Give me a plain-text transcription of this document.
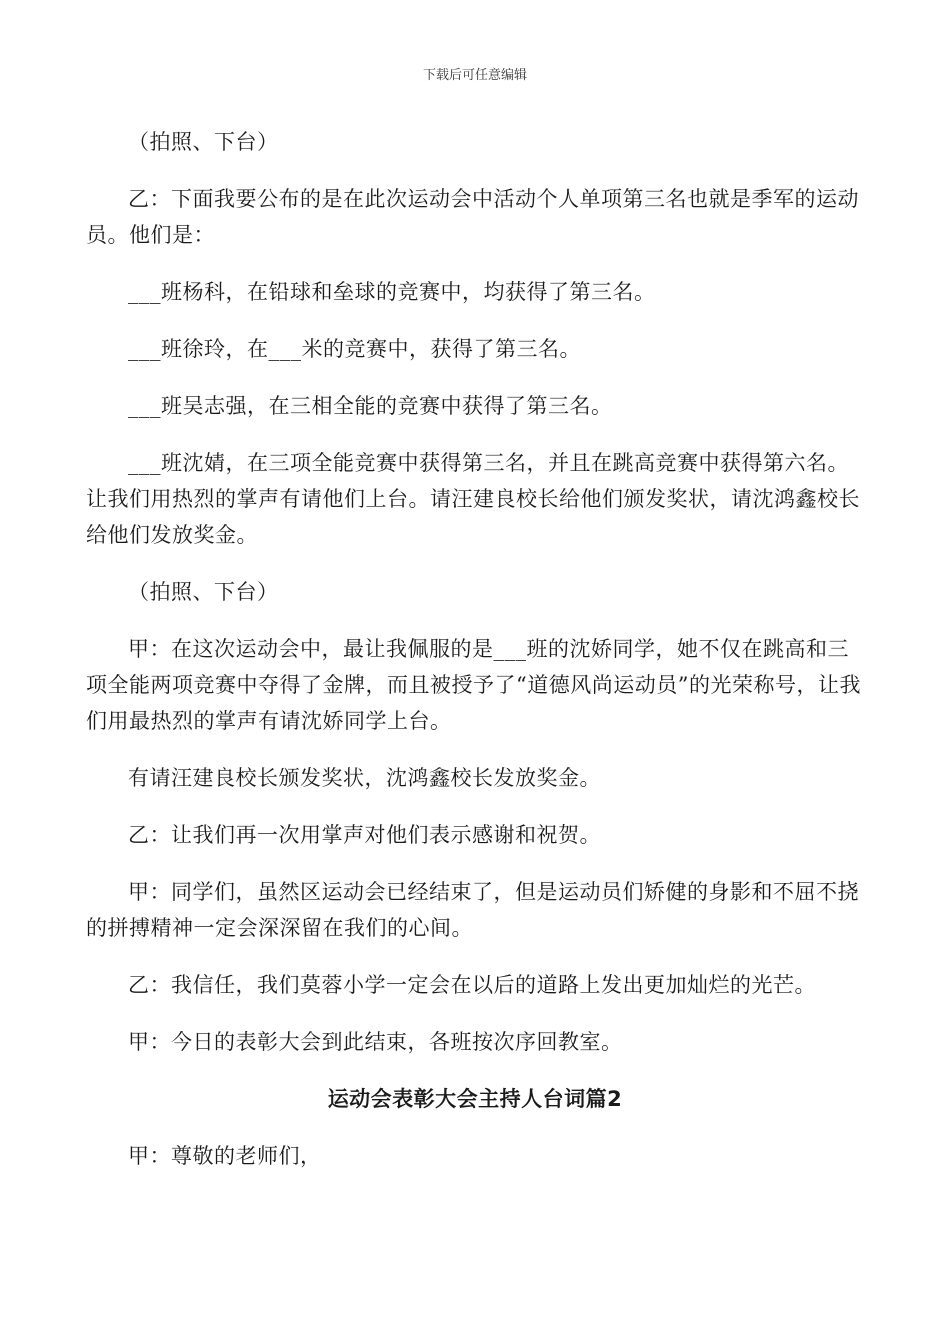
下载后可任意编辑

（拍照、下台）

乙：下面我要公布的是在此次运动会中活动个人单项第三名也就是季军的运动员。他们是：

___班杨科，在铅球和垒球的竞赛中，均获得了第三名。

___班徐玲，在___米的竞赛中，获得了第三名。

___班吴志强，在三相全能的竞赛中获得了第三名。

___班沈婧，在三项全能竞赛中获得第三名，并且在跳高竞赛中获得第六名。 让我们用热烈的掌声有请他们上台。请汪建良校长给他们颁发奖状，请沈鸿鑫校长给他们发放奖金。

（拍照、下台）

甲：在这次运动会中，最让我佩服的是___班的沈娇同学，她不仅在跳高和三项全能两项竞赛中夺得了金牌，而且被授予了“道德风尚运动员”的光荣称号，让我们用最热烈的掌声有请沈娇同学上台。

有请汪建良校长颁发奖状，沈鸿鑫校长发放奖金。

乙：让我们再一次用掌声对他们表示感谢和祝贺。

甲：同学们，虽然区运动会已经结束了，但是运动员们矫健的身影和不屈不挠的拼搏精神一定会深深留在我们的心间。

乙：我信任，我们莫蓉小学一定会在以后的道路上发出更加灿烂的光芒。

甲：今日的表彰大会到此结束，各班按次序回教室。

运动会表彰大会主持人台词篇2

甲：尊敬的老师们，
